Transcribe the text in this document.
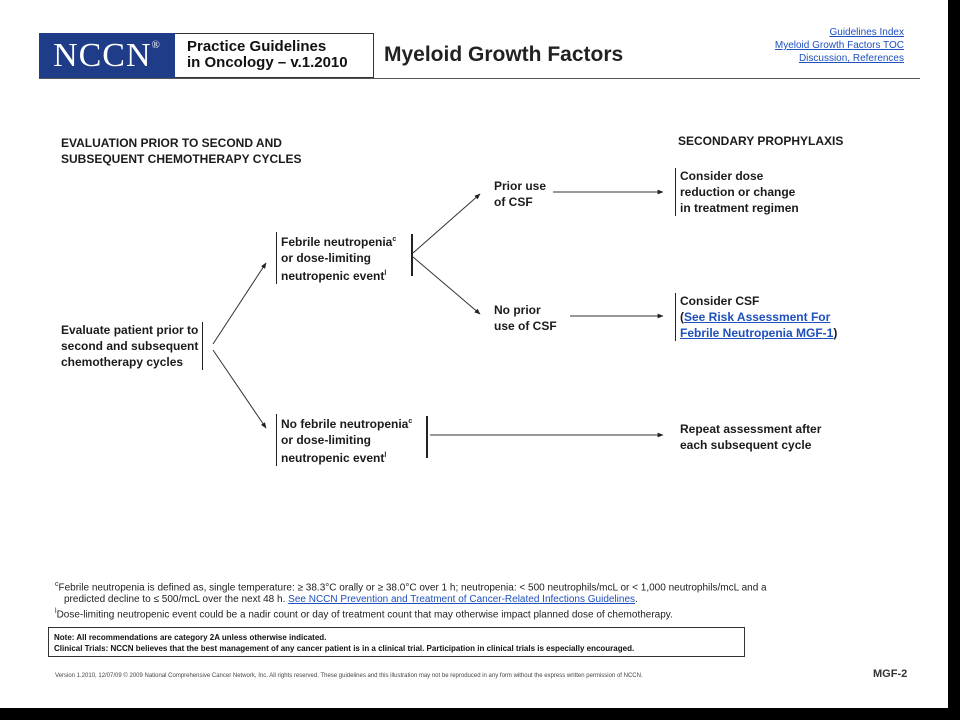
NCCN®	Practice Guidelines
in Oncology – v.1.2010 Myeloid Growth Factors
Guidelines Index
Myeloid Growth Factors TOC
Discussion, References
EVALUATION PRIOR TO SECOND AND
SUBSEQUENT CHEMOTHERAPY CYCLES
SECONDARY PROPHYLAXIS
Evaluate patient prior to
second and subsequent
chemotherapy cycles
Febrile neutropenia$^c$
or dose-limiting
neutropenic event$^l$
No febrile neutropenia$^c$
or dose-limiting
neutropenic event$^l$
Prior use
of CSF
No prior
use of CSF
Consider dose
reduction or change
in treatment regimen
Consider CSF
(See Risk Assessment For
Febrile Neutropenia MGF-1)
Repeat assessment after
each subsequent cycle
$^c$Febrile neutropenia is defined as, single temperature: ≥ 38.3°C orally or ≥ 38.0°C over 1 h; neutropenia: < 500 neutrophils/mcL or < 1,000 neutrophils/mcL and a
predicted decline to ≤ 500/mcL over the next 48 h. See NCCN Prevention and Treatment of Cancer-Related Infections Guidelines.
$^l$Dose-limiting neutropenic event could be a nadir count or day of treatment count that may otherwise impact planned dose of chemotherapy.
Note: All recommendations are category 2A unless otherwise indicated.
Clinical Trials: NCCN believes that the best management of any cancer patient is in a clinical trial. Participation in clinical trials is especially encouraged.
Version 1.2010, 12/07/09 © 2009 National Comprehensive Cancer Network, Inc. All rights reserved. These guidelines and this illustration may not be reproduced in any form without the express written permission of NCCN.	MGF-2
